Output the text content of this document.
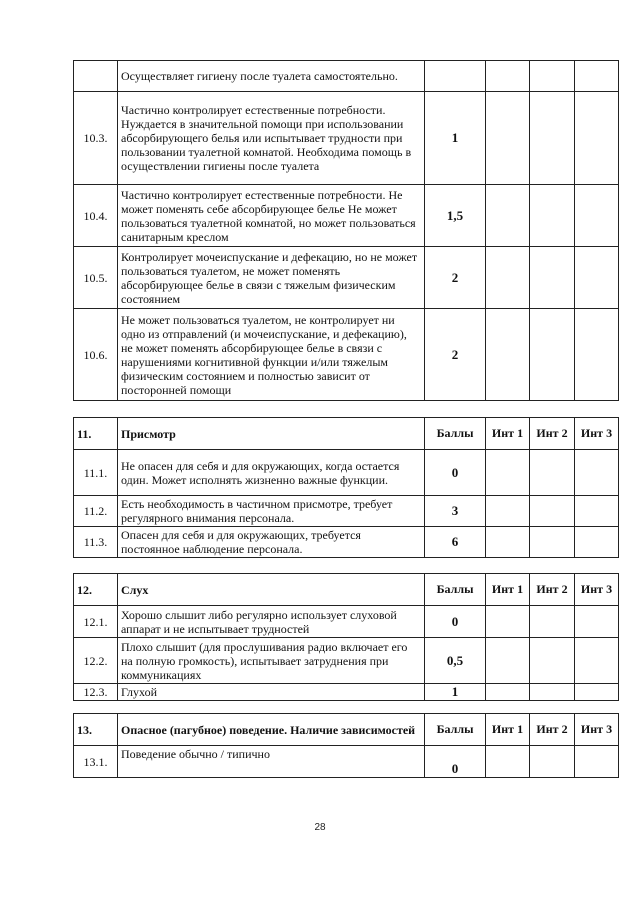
	Осуществляет гигиену после туалета самостоятельно.				
10.3.	Частично контролирует естественные потребности. Нуждается в значительной помощи при использовании абсорбирующего белья или испытывает трудности при пользовании туалетной комнатой. Необходима помощь в осуществлении гигиены после туалета	1			
10.4.	Частично контролирует естественные потребности. Не может поменять себе абсорбирующее белье Не может пользоваться туалетной комнатой, но может пользоваться санитарным креслом	1,5			
10.5.	Контролирует мочеиспускание и дефекацию, но не может пользоваться туалетом, не может поменять абсорбирующее белье в связи с тяжелым физическим состоянием	2			
10.6.	Не может пользоваться туалетом, не контролирует ни одно из отправлений (и мочеиспускание, и дефекацию), не может поменять абсорбирующее белье в связи с нарушениями когнитивной функции и/или тяжелым физическим состоянием и полностью зависит от посторонней помощи	2			
11.	Присмотр	Баллы	Инт 1	Инт 2	Инт 3
11.1.	Не опасен для себя и для окружающих, когда остается один. Может исполнять жизненно важные функции.	0			
11.2.	Есть необходимость в частичном присмотре, требует регулярного внимания персонала.	3			
11.3.	Опасен для себя и для окружающих, требуется постоянное наблюдение персонала.	6			
12.	Слух	Баллы	Инт 1	Инт 2	Инт 3
12.1.	Хорошо слышит либо регулярно использует слуховой аппарат и не испытывает трудностей	0			
12.2.	Плохо слышит (для прослушивания радио включает его на полную громкость), испытывает затруднения при коммуникациях	0,5			
12.3.	Глухой	1			
13.	Опасное (пагубное) поведение. Наличие зависимостей	Баллы	Инт 1	Инт 2	Инт 3
13.1.	Поведение обычно / типично	0			
28
